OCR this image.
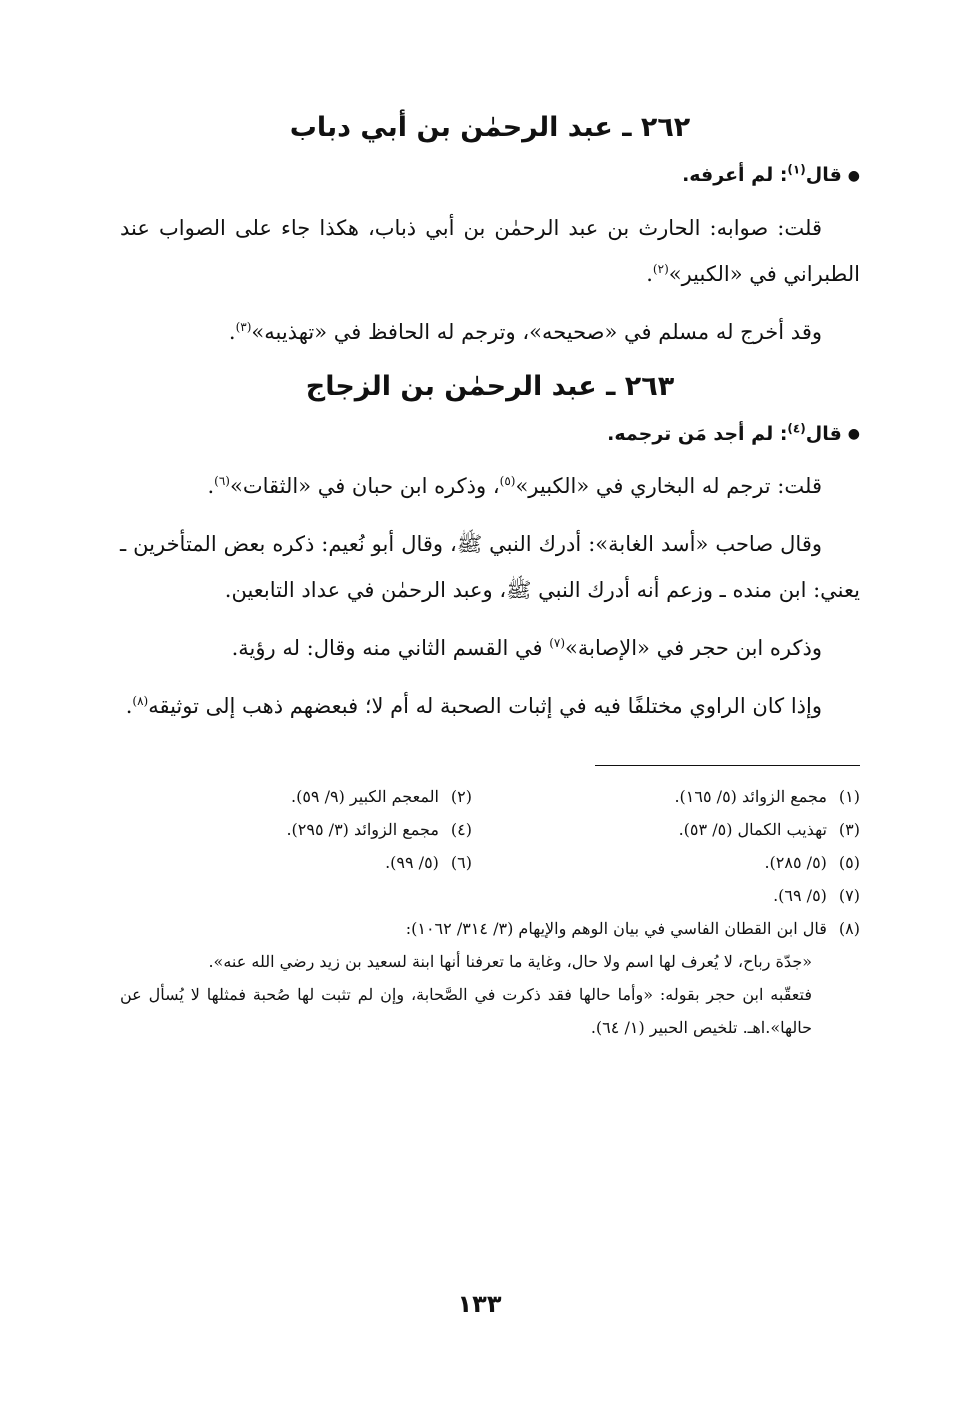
٢٦٢ ـ عبد الرحمٰن بن أبي دباب
●قال$^{(١)}$: لم أعرفه.

قلت: صوابه: الحارث بن عبد الرحمٰن بن أبي ذباب، هكذا جاء على الصواب عند الطبراني في «الكبير»$^{(٢)}$.

وقد أخرج له مسلم في «صحيحه»، وترجم له الحافظ في «تهذيبه»$^{(٣)}$.

٢٦٣ ـ عبد الرحمٰن بن الزجاج
●قال$^{(٤)}$: لم أجد مَن ترجمه.

قلت: ترجم له البخاري في «الكبير»$^{(٥)}$، وذكره ابن حبان في «الثقات»$^{(٦)}$.

وقال صاحب «أسد الغابة»: أدرك النبي ﷺ، وقال أبو نُعيم: ذكره بعض المتأخرين ـ يعني: ابن منده ـ وزعم أنه أدرك النبي ﷺ، وعبد الرحمٰن في عداد التابعين.

وذكره ابن حجر في «الإصابة»$^{(٧)}$ في القسم الثاني منه وقال: له رؤية.

وإذا كان الراوي مختلفًا فيه في إثبات الصحبة له أم لا؛ فبعضهم ذهب إلى توثيقه$^{(٨)}$.

(١)مجمع الزوائد (٥/ ١٦٥).
(٢)المعجم الكبير (٩/ ٥٩).
(٣)تهذيب الكمال (٥/ ٥٣).
(٤)مجمع الزوائد (٣/ ٢٩٥).
(٥)(٥/ ٢٨٥).
(٦)(٥/ ٩٩).
(٧)(٥/ ٦٩).
(٨)قال ابن القطان الفاسي في بيان الوهم والإيهام (٣/ ٣١٤/ ١٠٦٢):
«جدّة رباح، لا يُعرف لها اسم ولا حال، وغاية ما تعرفنا أنها ابنة لسعيد بن زيد رضي الله عنه».
فتعقّبه ابن حجر بقوله: «وأما حالها فقد ذكرت في الصَّحابة، وإن لم تثبت لها صُحبة فمثلها لا يُسأل عن حالها».اهـ. تلخيص الحبير (١/ ٦٤).
١٣٣
